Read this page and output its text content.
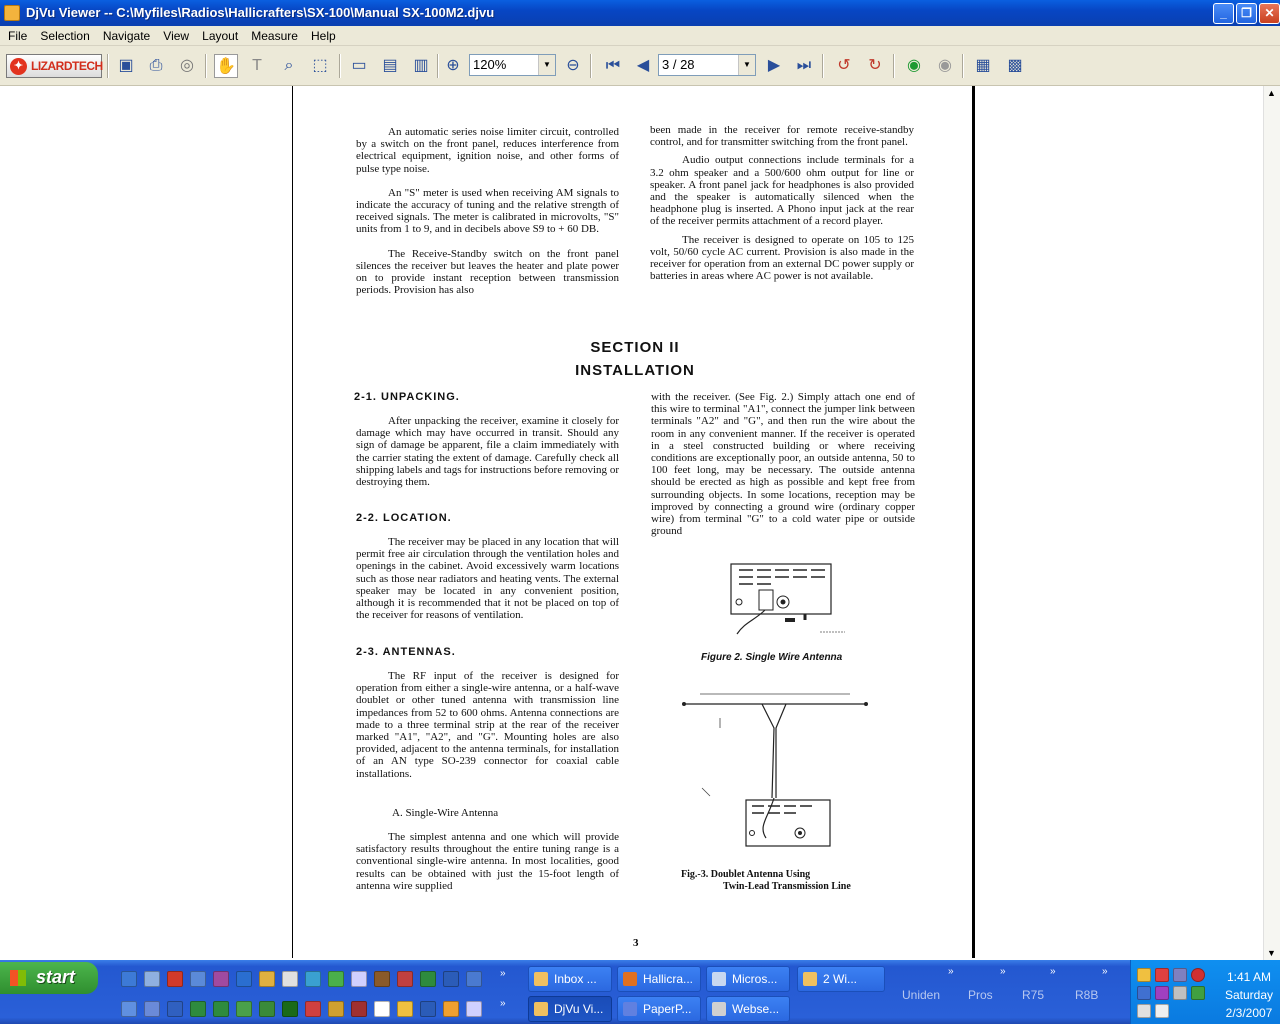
DjVu Viewer -- C:\Myfiles\Radios\Hallicrafters\SX-100\Manual SX-100M2.djvu	_	❐	✕
File Selection Navigate View Layout Measure Help
✦ LIZARDTECH ▣	⎙	◎	✋	T	⌕	⬚ ▭ ▤ ▥	⊕	⊖	⏮	◀	▶	⏭	↺	↻	◉	◉	▦ ▩
120%	▼	3 / 28	▼
▲
▼

An automatic series noise limiter circuit, controlled by a switch on the front panel, reduces interference from electrical equipment, ignition noise, and other forms of pulse type noise.

An "S" meter is used when receiving AM signals to indicate the accuracy of tuning and the relative strength of received signals. The meter is calibrated in microvolts, "S" units from 1 to 9, and in decibels above S9 to + 60 DB.

The Receive-Standby switch on the front panel silences the receiver but leaves the heater and plate power on to provide instant reception between transmission periods. Provision has also

been made in the receiver for remote receive-standby control, and for transmitter switching from the front panel.

Audio output connections include terminals for a 3.2 ohm speaker and a 500/600 ohm output for line or speaker. A front panel jack for headphones is also provided and the speaker is automatically silenced when the headphone plug is inserted. A Phono input jack at the rear of the receiver permits attachment of a record player.

The receiver is designed to operate on 105 to 125 volt, 50/60 cycle AC current. Provision is also made in the receiver for operation from an external DC power supply or batteries in areas where AC power is not available.

SECTION II
INSTALLATION
2-1. UNPACKING.

After unpacking the receiver, examine it closely for damage which may have occurred in transit. Should any sign of damage be apparent, file a claim immediately with the carrier stating the extent of damage. Carefully check all shipping labels and tags for instructions before removing or destroying them.

2-2. LOCATION.

The receiver may be placed in any location that will permit free air circulation through the ventilation holes and openings in the cabinet. Avoid excessively warm locations such as those near radiators and heating vents. The external speaker may be located in any convenient position, although it is recommended that it not be placed on top of the receiver for reasons of ventilation.

2-3. ANTENNAS.

The RF input of the receiver is designed for operation from either a single-wire antenna, or a half-wave doublet or other tuned antenna with transmission line impedances from 52 to 600 ohms. Antenna connections are made to a three terminal strip at the rear of the receiver marked "A1", "A2", and "G". Mounting holes are also provided, adjacent to the antenna terminals, for installation of an AN type SO-239 connector for coaxial cable installations.

A. Single-Wire Antenna

The simplest antenna and one which will provide satisfactory results throughout the entire tuning range is a conventional single-wire antenna. In most localities, good results can be obtained with just the 15-foot length of antenna wire supplied

with the receiver. (See Fig. 2.) Simply attach one end of this wire to terminal "A1", connect the jumper link between terminals "A2" and "G", and then run the wire about the room in any convenient manner. If the receiver is operated in a steel constructed building or where receiving conditions are exceptionally poor, an outside antenna, 50 to 100 feet long, may be necessary. The outside antenna should be erected as high as possible and kept free from surrounding objects. In some locations, reception may be improved by connecting a ground wire (ordinary copper wire) from terminal "G" to a cold water pipe or outside ground

Figure 2. Single Wire Antenna
Fig.-3. Doublet Antenna Using
Twin-Lead Transmission Line
3
start	»
»
Inbox ...	Hallicra...	Micros...	2 Wi...
DjVu Vi...	PaperP...	Webse...
Uniden Pros R75	R8B
»	»	»	»	1:41 AM
Saturday
2/3/2007
